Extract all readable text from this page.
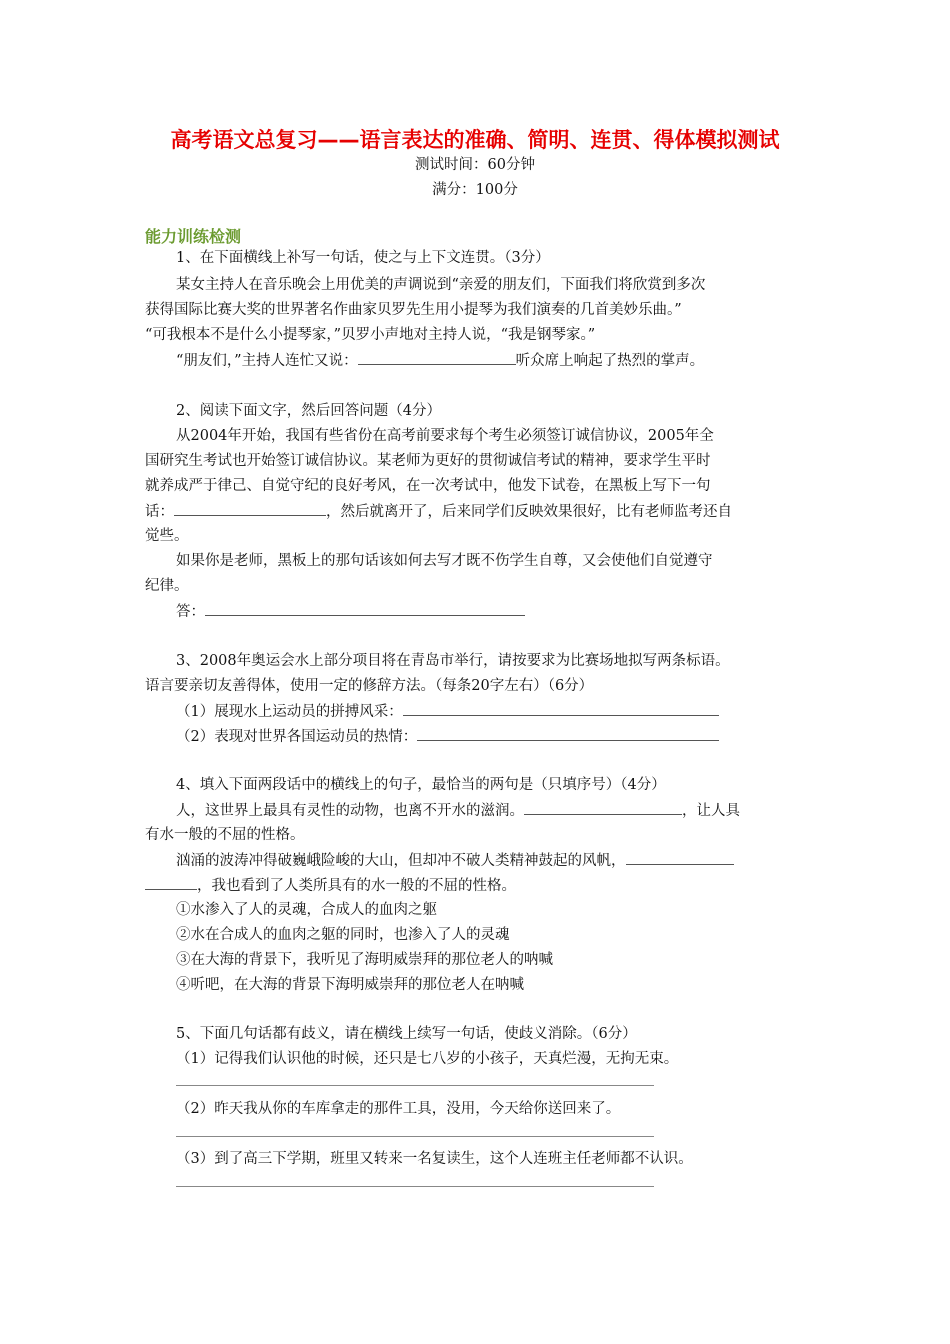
高考语文总复习——语言表达的准确、简明、连贯、得体模拟测试
测试时间：60分钟
满分：100分
能力训练检测
1、在下面横线上补写一句话，使之与上下文连贯。（3分）
某女主持人在音乐晚会上用优美的声调说到“亲爱的朋友们，下面我们将欣赏到多次
获得国际比赛大奖的世界著名作曲家贝罗先生用小提琴为我们演奏的几首美妙乐曲。”
“可我根本不是什么小提琴家，”贝罗小声地对主持人说，“我是钢琴家。”
“朋友们，”主持人连忙又说：	听众席上响起了热烈的掌声。
2、阅读下面文字，然后回答问题（4分）
从2004年开始，我国有些省份在高考前要求每个考生必须签订诚信协议，2005年全
国研究生考试也开始签订诚信协议。某老师为更好的贯彻诚信考试的精神，要求学生平时
就养成严于律己、自觉守纪的良好考风，在一次考试中，他发下试卷，在黑板上写下一句
话：	，然后就离开了，后来同学们反映效果很好，比有老师监考还自
觉些。
如果你是老师，黑板上的那句话该如何去写才既不伤学生自尊，又会使他们自觉遵守
纪律。
答：
3、2008年奥运会水上部分项目将在青岛市举行，请按要求为比赛场地拟写两条标语。
语言要亲切友善得体，使用一定的修辞方法。（每条20字左右）（6分）
（1）展现水上运动员的拼搏风采：
（2）表现对世界各国运动员的热情：
4、填入下面两段话中的横线上的句子，最恰当的两句是（只填序号）（4分）
人，这世界上最具有灵性的动物，也离不开水的滋润。	，让人具
有水一般的不屈的性格。
汹涌的波涛冲得破巍峨险峻的大山，但却冲不破人类精神鼓起的风帆，
，我也看到了人类所具有的水一般的不屈的性格。
①水渗入了人的灵魂，合成人的血肉之躯
②水在合成人的血肉之躯的同时，也渗入了人的灵魂
③在大海的背景下，我听见了海明威崇拜的那位老人的呐喊
④听吧，在大海的背景下海明威崇拜的那位老人在呐喊
5、下面几句话都有歧义，请在横线上续写一句话，使歧义消除。（6分）
（1）记得我们认识他的时候，还只是七八岁的小孩子，天真烂漫，无拘无束。
（2）昨天我从你的车库拿走的那件工具，没用，今天给你送回来了。
（3）到了高三下学期，班里又转来一名复读生，这个人连班主任老师都不认识。
